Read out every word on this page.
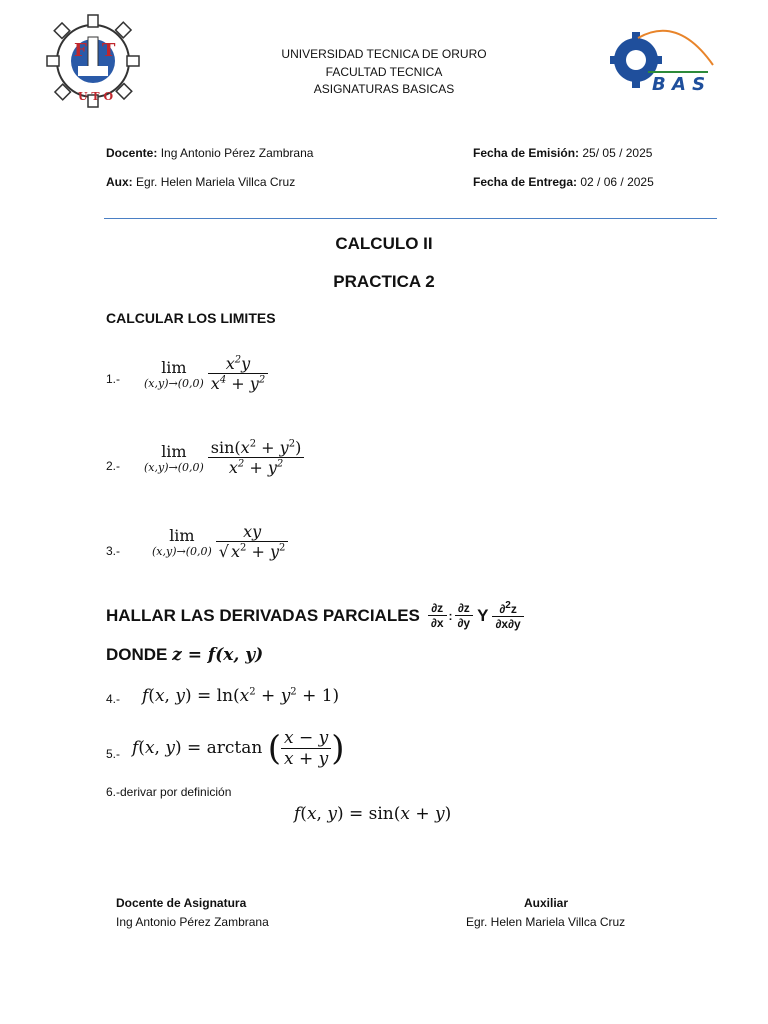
F T
U T O
UNIVERSIDAD TECNICA DE ORURO
FACULTAD TECNICA
ASIGNATURAS BASICAS	B A S
Docente: Ing Antonio Pérez Zambrana
Aux: Egr. Helen Mariela Villca Cruz
Fecha de Emisión: 25/ 05 / 2025
Fecha de Entrega: 02 / 06 / 2025
CALCULO II
PRACTICA 2
CALCULAR LOS LIMITES
1.-
lim
$(x,y)\to(0,0) \frac{x^2y}{x^4 + y^2}$
2.-
lim
$(x,y)\to(0,0) \frac{\sin(x^2 + y^2)}{x^2 + y^2}$
3.-
lim
$(x,y)\to(0,0) \frac{xy}{√ x^2 + y^2}$
HALLAR LAS DERIVADAS PARCIALES $\frac{\partial z}{\partial x}$ : $\frac{\partial z}{\partial y}$ Y $\frac{\partial^2z}{\partial x\partial y}$
DONDE z = f(x, y)
4.- f(x, $y) = \ln(x^2 + y^2 + 1)$
5.- f(x, y) = arctan ( $\frac{x - y}{x + y}$ )
6.-derivar por definición
f(x, y) = sin(x + y)
Docente de Asignatura
Ing Antonio Pérez Zambrana
Auxiliar
Egr. Helen Mariela Villca Cruz
